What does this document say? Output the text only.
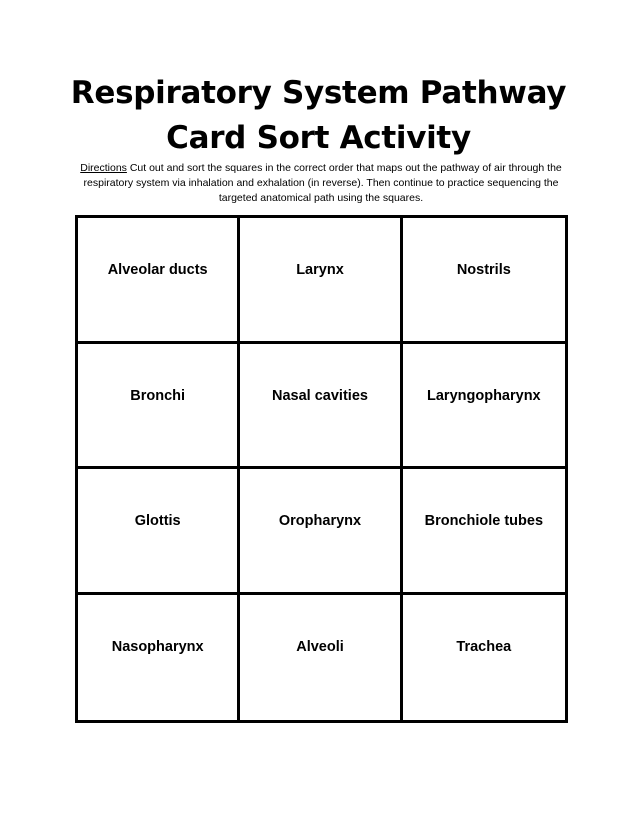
Respiratory System Pathway
Card Sort Activity
Directions Cut out and sort the squares in the correct order that maps out the pathway of air through the respiratory system via inhalation and exhalation (in reverse). Then continue to practice sequencing the targeted anatomical path using the squares.
Alveolar ducts	Larynx	Nostrils
Bronchi	Nasal cavities	Laryngopharynx
Glottis	Oropharynx	Bronchiole tubes
Nasopharynx	Alveoli	Trachea
